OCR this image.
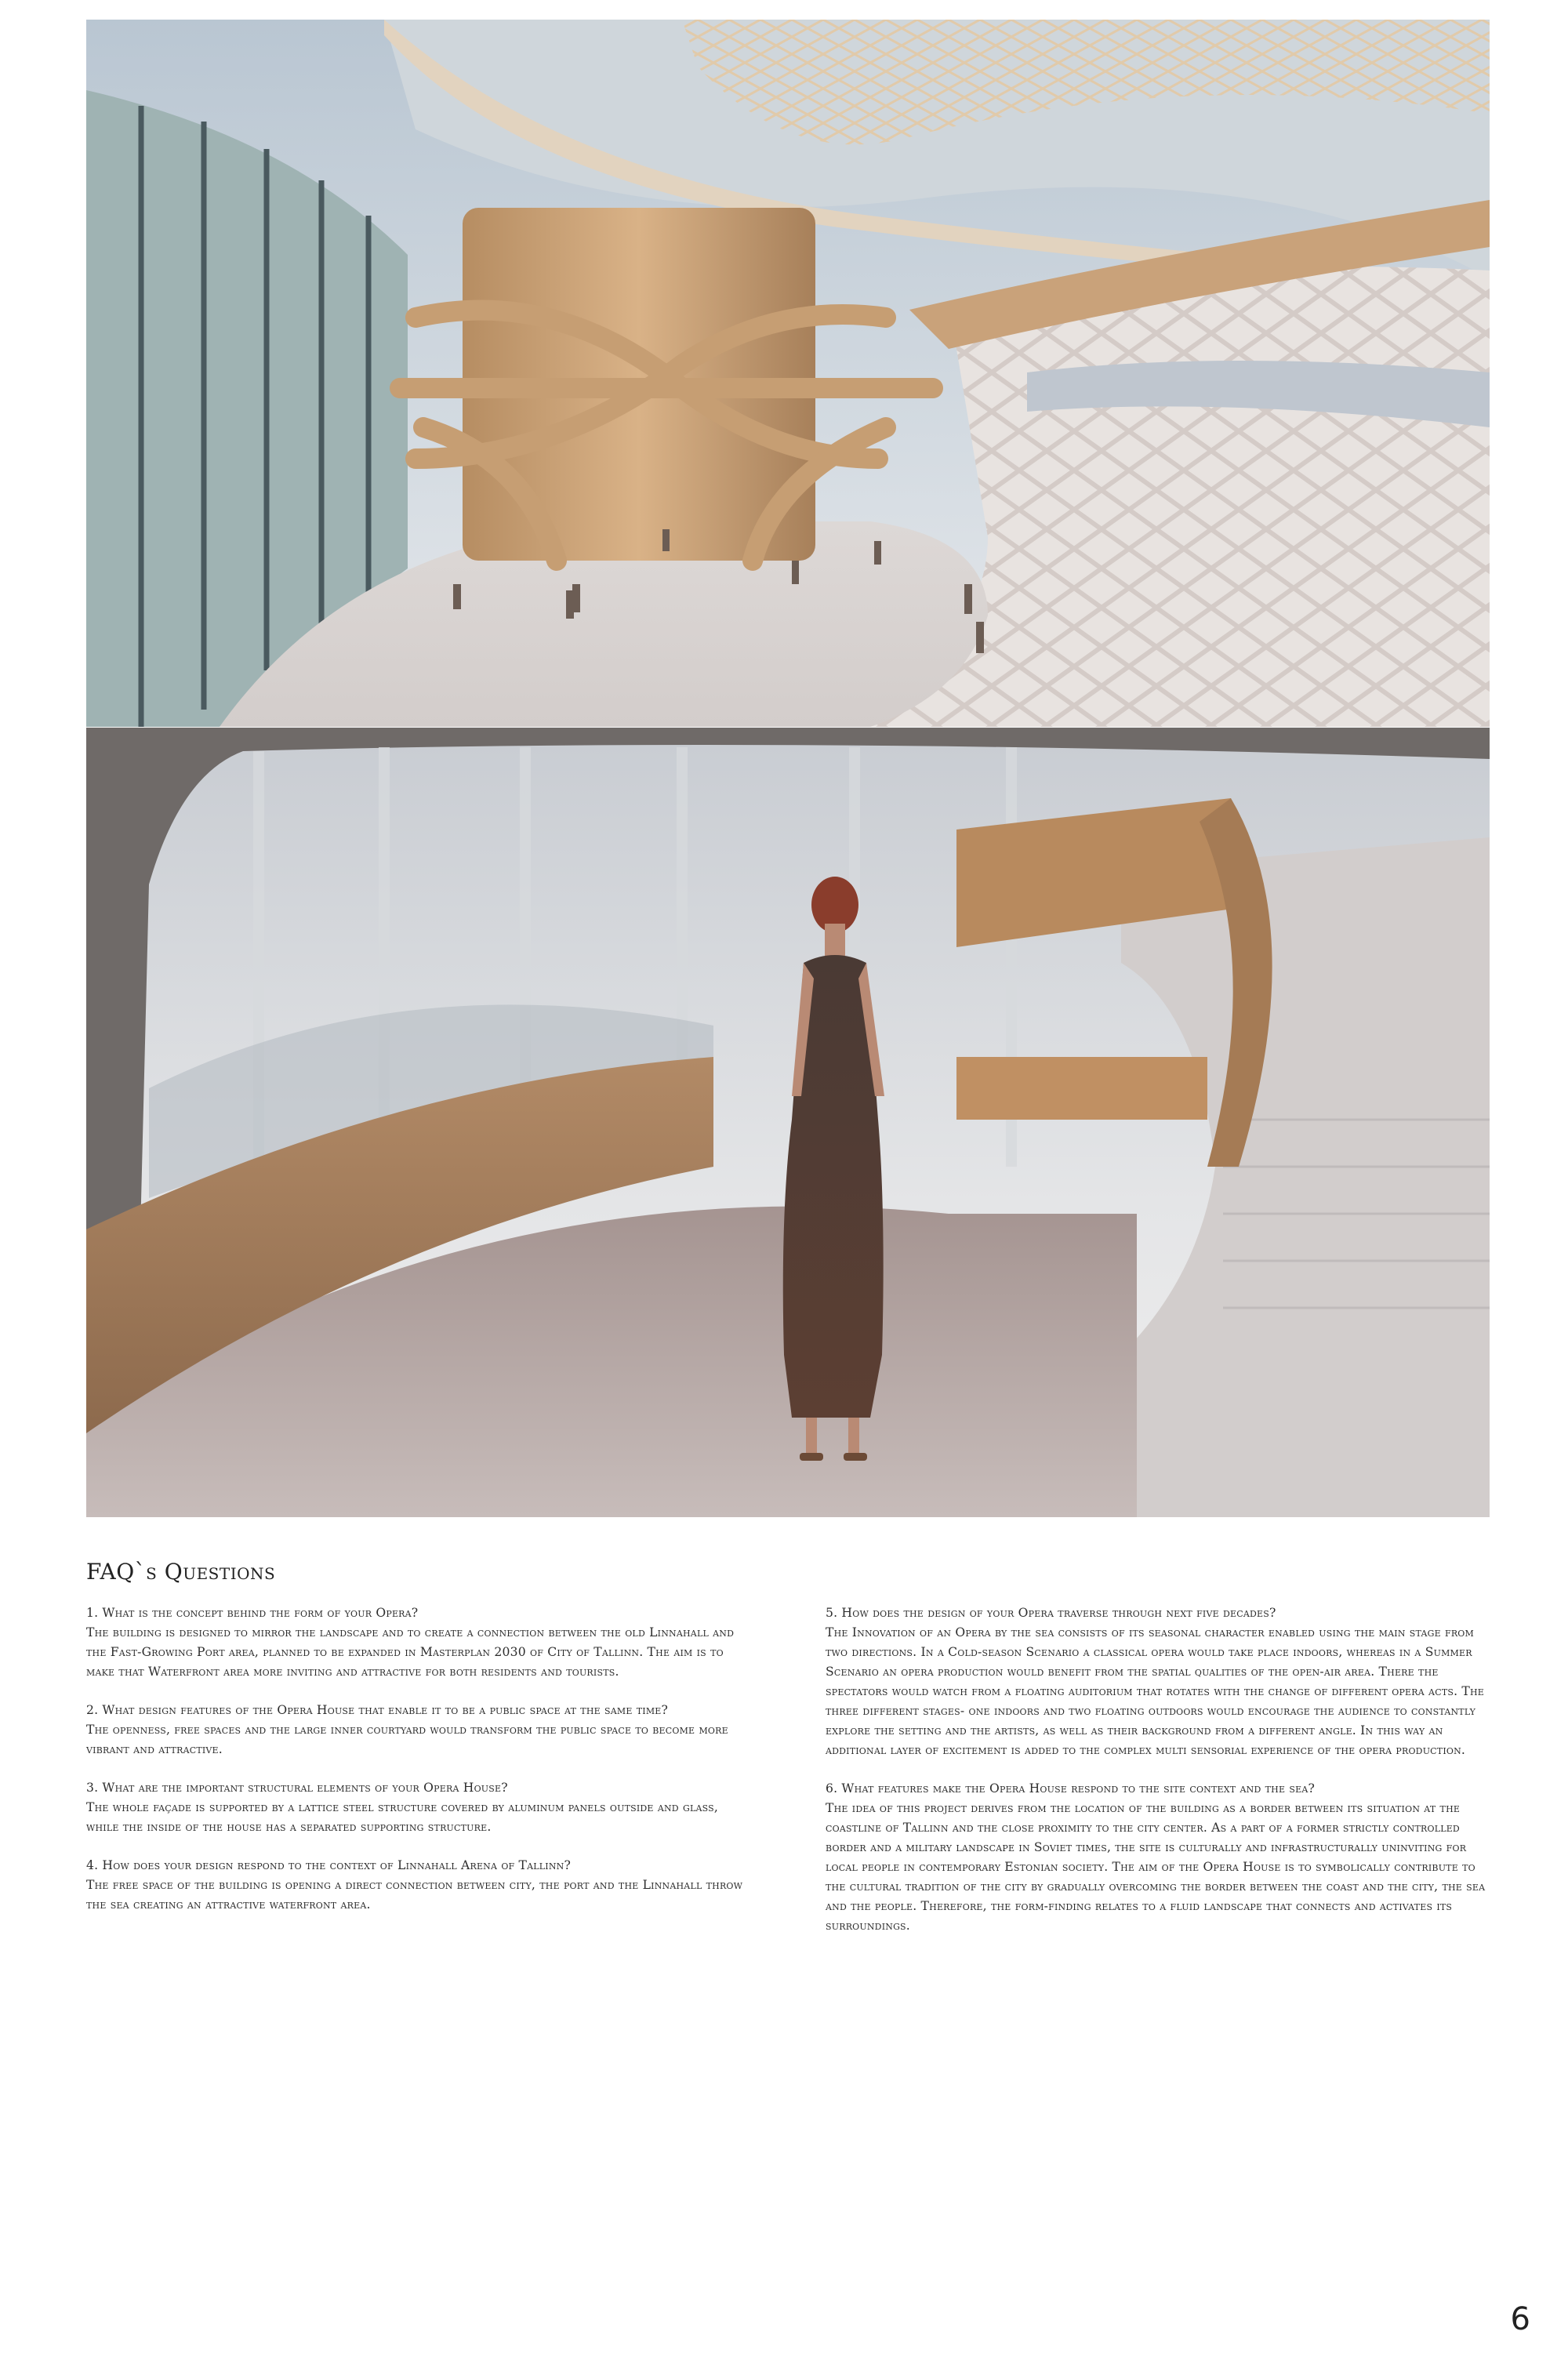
FAQ`s Questions

1. What is the concept behind the form of your Opera?

The building is designed to mirror the landscape and to create a connection between the old Linnahall and the Fast-Growing Port area, planned to be expanded in Masterplan 2030 of City of Tallinn. The aim is to make that Waterfront area more inviting and attractive for both residents and tourists.

2. What design features of the Opera House that enable it to be a public space at the same time?

The openness, free spaces and the large inner courtyard would transform the public space to become more vibrant and attractive.

3. What are the important structural elements of your Opera House?

The whole façade is supported by a lattice steel structure covered by aluminum panels outside and glass, while the inside of the house has a separated supporting structure.

4. How does your design respond to the context of Linnahall Arena of Tallinn?

The free space of the building is opening a direct connection between city, the port and the Linnahall throw the sea creating an attractive waterfront area.

5. How does the design of your Opera traverse through next five decades?

The Innovation of an Opera by the sea consists of its seasonal character enabled using the main stage from two directions. In a Cold-season Scenario a classical opera would take place indoors, whereas in a Summer Scenario an opera production would benefit from the spatial qualities of the open-air area. There the spectators would watch from a floating auditorium that rotates with the change of different opera acts. The three different stages- one indoors and two floating outdoors would encourage the audience to constantly explore the setting and the artists, as well as their background from a different angle. In this way an additional layer of excitement is added to the complex multi sensorial experience of the opera production.

6. What features make the Opera House respond to the site context and the sea?

The idea of this project derives from the location of the building as a border between its situation at the coastline of Tallinn and the close proximity to the city center. As a part of a former strictly controlled border and a military landscape in Soviet times, the site is culturally and infrastructurally uninviting for local people in contemporary Estonian society. The aim of the Opera House is to symbolically contribute to the cultural tradition of the city by gradually overcoming the border between the coast and the city, the sea and the people. Therefore, the form-finding relates to a fluid landscape that connects and activates its surroundings.

6
